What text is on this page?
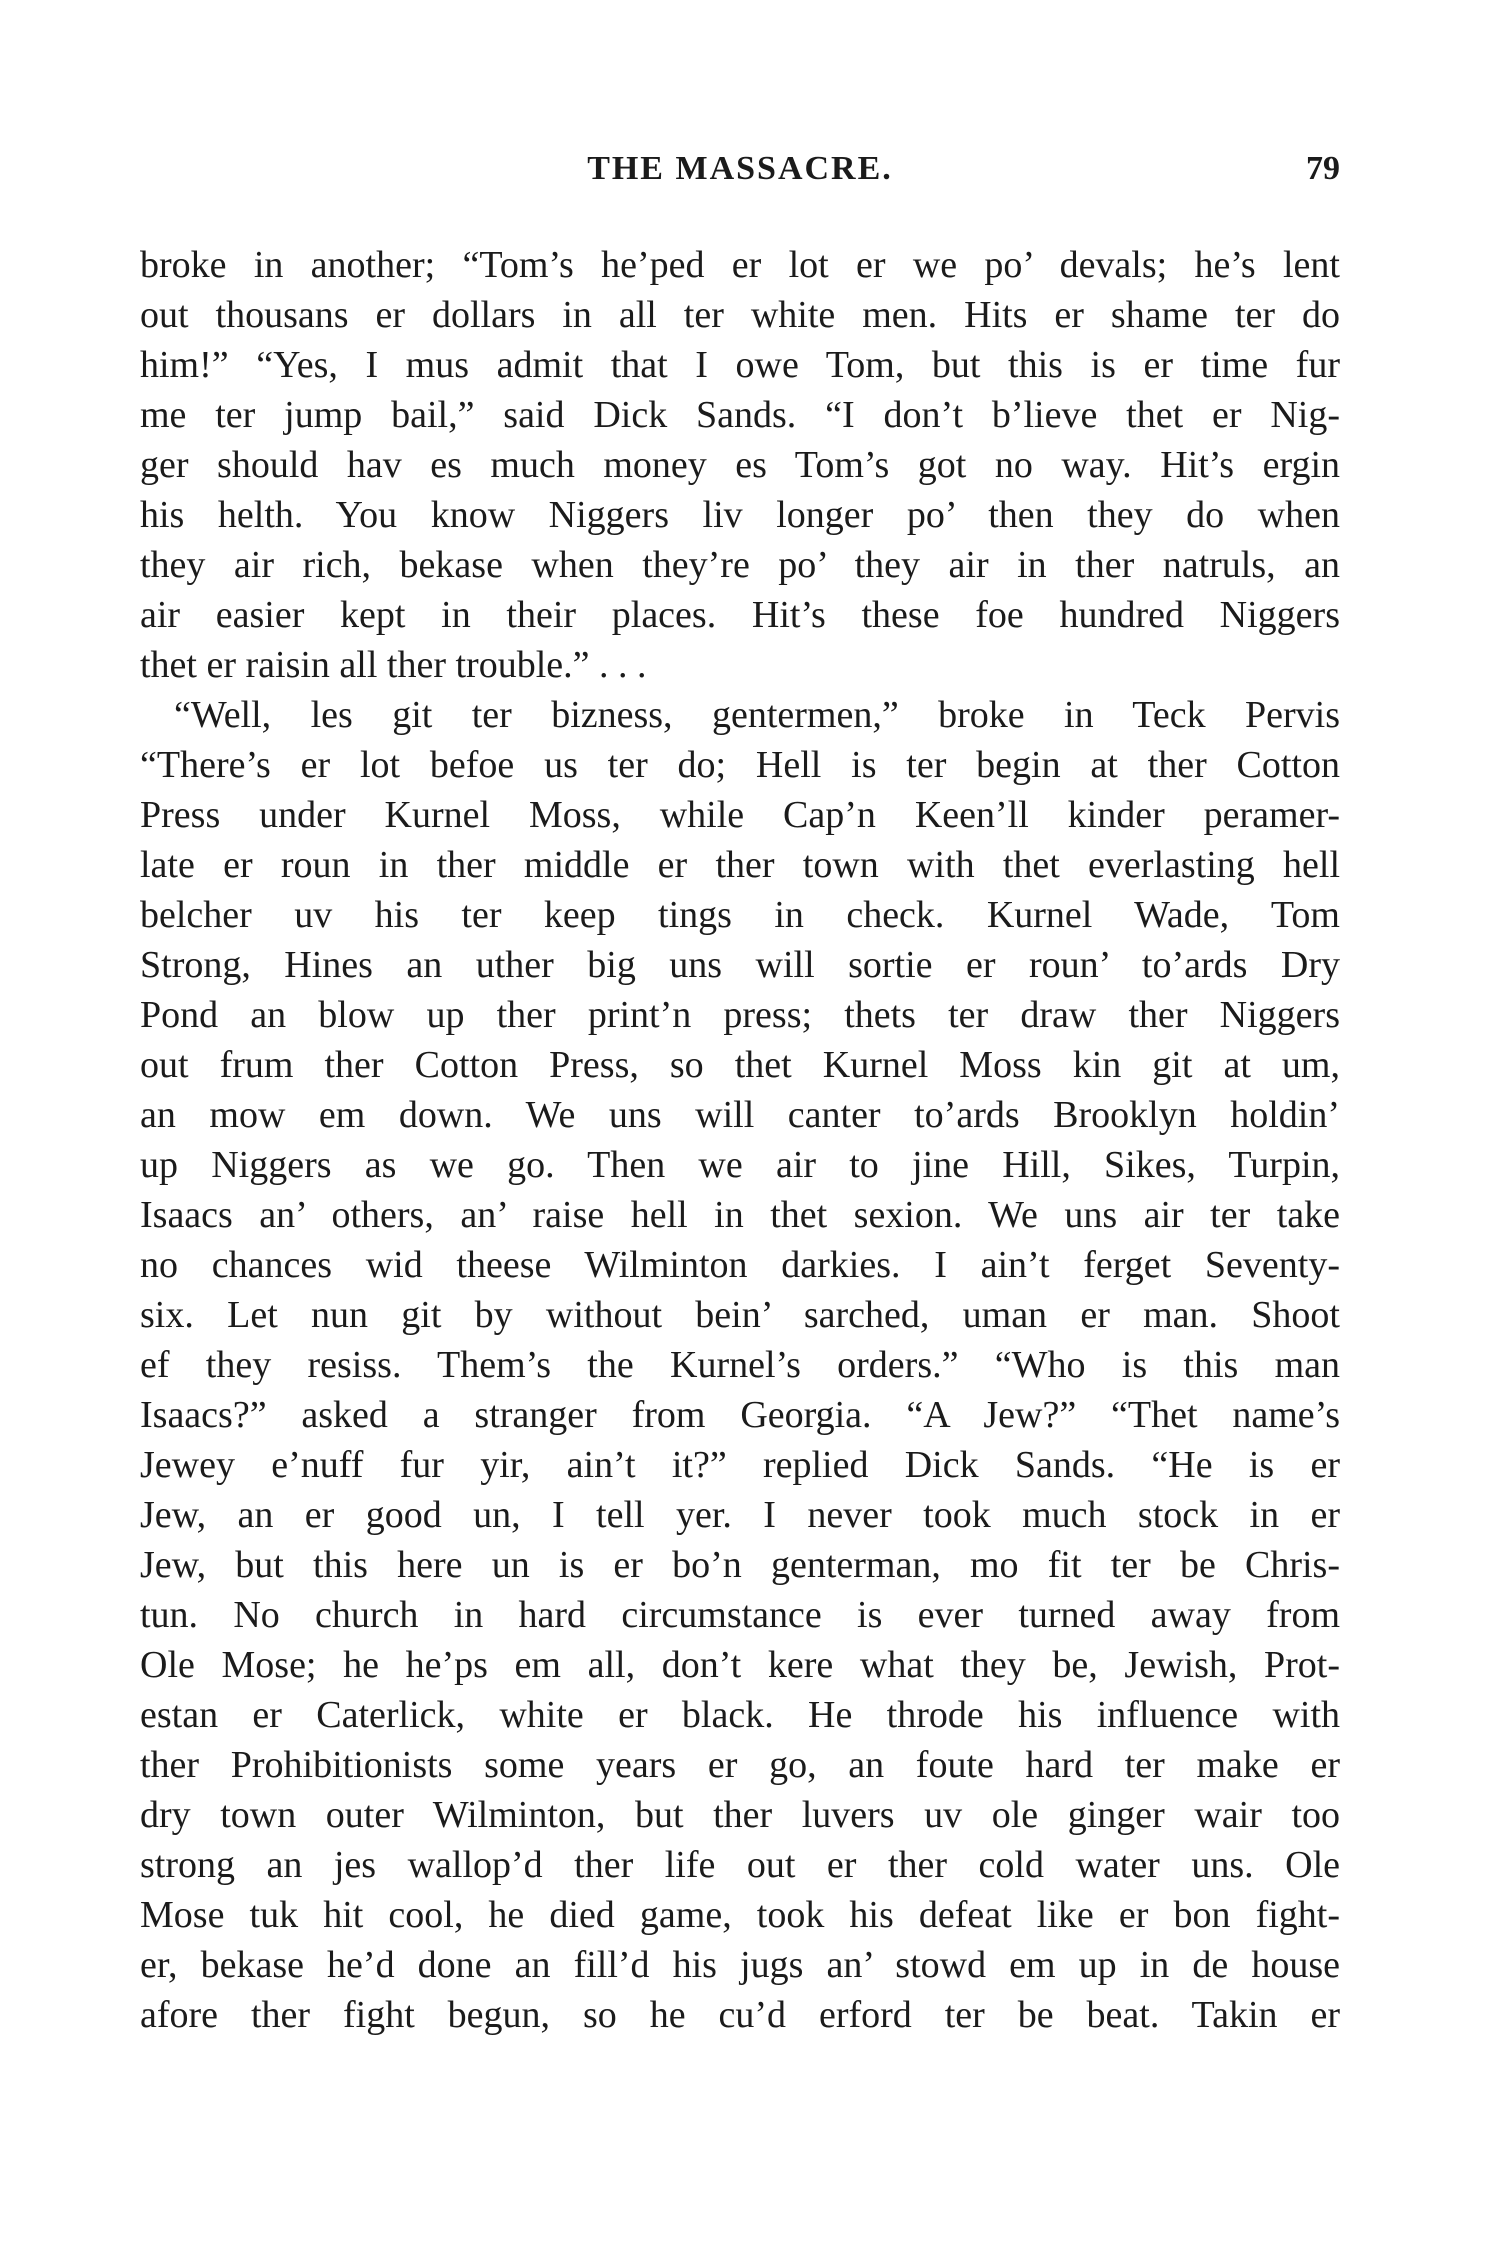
THE MASSACRE.	79
broke in another; “Tom’s he’ped er lot er we po’ devals; he’s lent
out thousans er dollars in all ter white men. Hits er shame ter do
him!” “Yes, I mus admit that I owe Tom, but this is er time fur
me ter jump bail,” said Dick Sands. “I don’t b’lieve thet er Nig-
ger should hav es much money es Tom’s got no way. Hit’s ergin
his helth. You know Niggers liv longer po’ then they do when
they air rich, bekase when they’re po’ they air in ther natruls, an
air easier kept in their places. Hit’s these foe hundred Niggers
thet er raisin all ther trouble.” . . .
“Well, les git ter bizness, gentermen,” broke in Teck Pervis
“There’s er lot befoe us ter do; Hell is ter begin at ther Cotton
Press under Kurnel Moss, while Cap’n Keen’ll kinder peramer-
late er roun in ther middle er ther town with thet everlasting hell
belcher uv his ter keep tings in check. Kurnel Wade, Tom
Strong, Hines an uther big uns will sortie er roun’ to’ards Dry
Pond an blow up ther print’n press; thets ter draw ther Niggers
out frum ther Cotton Press, so thet Kurnel Moss kin git at um,
an mow em down. We uns will canter to’ards Brooklyn holdin’
up Niggers as we go. Then we air to jine Hill, Sikes, Turpin,
Isaacs an’ others, an’ raise hell in thet sexion. We uns air ter take
no chances wid theese Wilminton darkies. I ain’t ferget Seventy-
six. Let nun git by without bein’ sarched, uman er man. Shoot
ef they resiss. Them’s the Kurnel’s orders.” “Who is this man
Isaacs?” asked a stranger from Georgia. “A Jew?” “Thet name’s
Jewey e’nuff fur yir, ain’t it?” replied Dick Sands. “He is er
Jew, an er good un, I tell yer. I never took much stock in er
Jew, but this here un is er bo’n genterman, mo fit ter be Chris-
tun. No church in hard circumstance is ever turned away from
Ole Mose; he he’ps em all, don’t kere what they be, Jewish, Prot-
estan er Caterlick, white er black. He throde his influence with
ther Prohibitionists some years er go, an foute hard ter make er
dry town outer Wilminton, but ther luvers uv ole ginger wair too
strong an jes wallop’d ther life out er ther cold water uns. Ole
Mose tuk hit cool, he died game, took his defeat like er bon fight-
er, bekase he’d done an fill’d his jugs an’ stowd em up in de house
afore ther fight begun, so he cu’d erford ter be beat. Takin er
